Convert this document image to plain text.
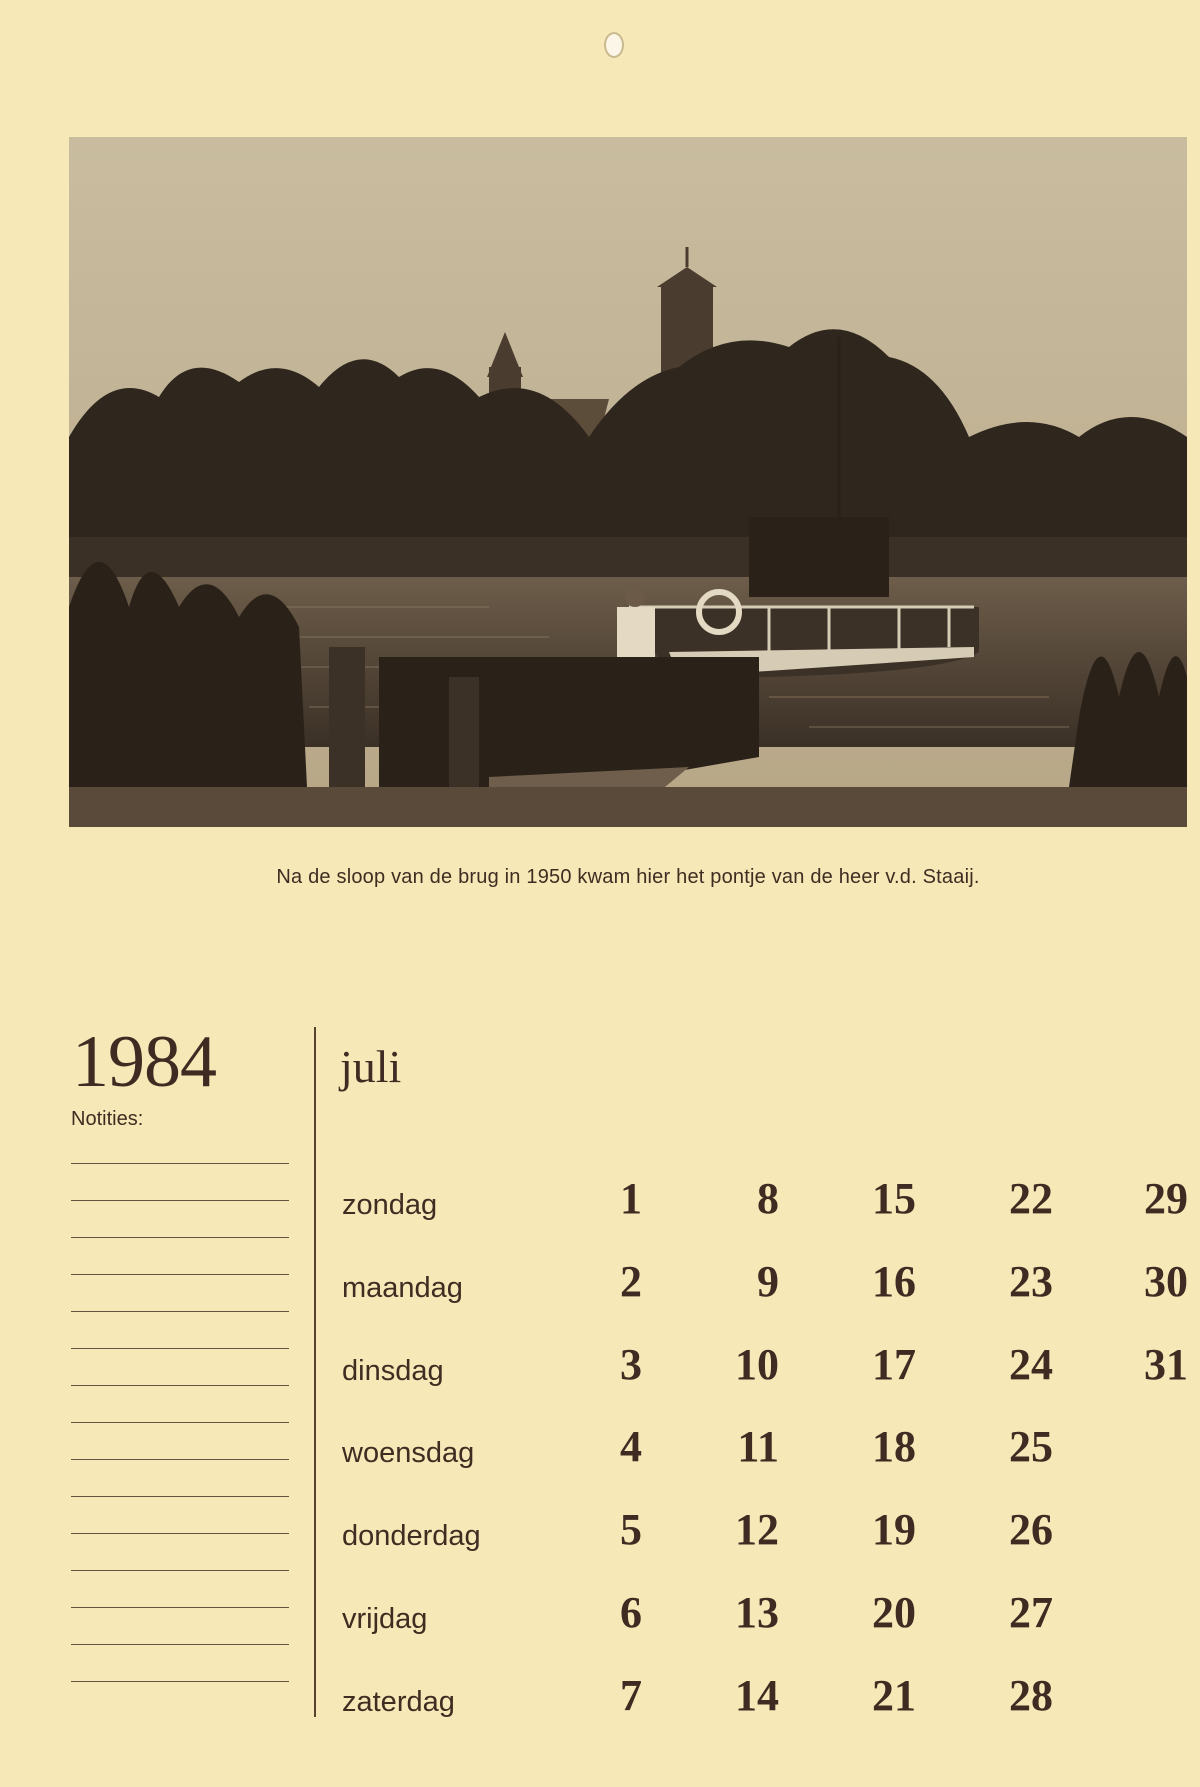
Na de sloop van de brug in 1950 kwam hier het pontje van de heer v.d. Staaij.
1984
Notities:
juli
zondag	1	8	15	22	29
maandag	2	9	16	23	30
dinsdag	3	10	17	24	31
woensdag	4	11	18	25
donderdag	5	12	19	26
vrijdag	6	13	20	27
zaterdag	7	14	21	28
